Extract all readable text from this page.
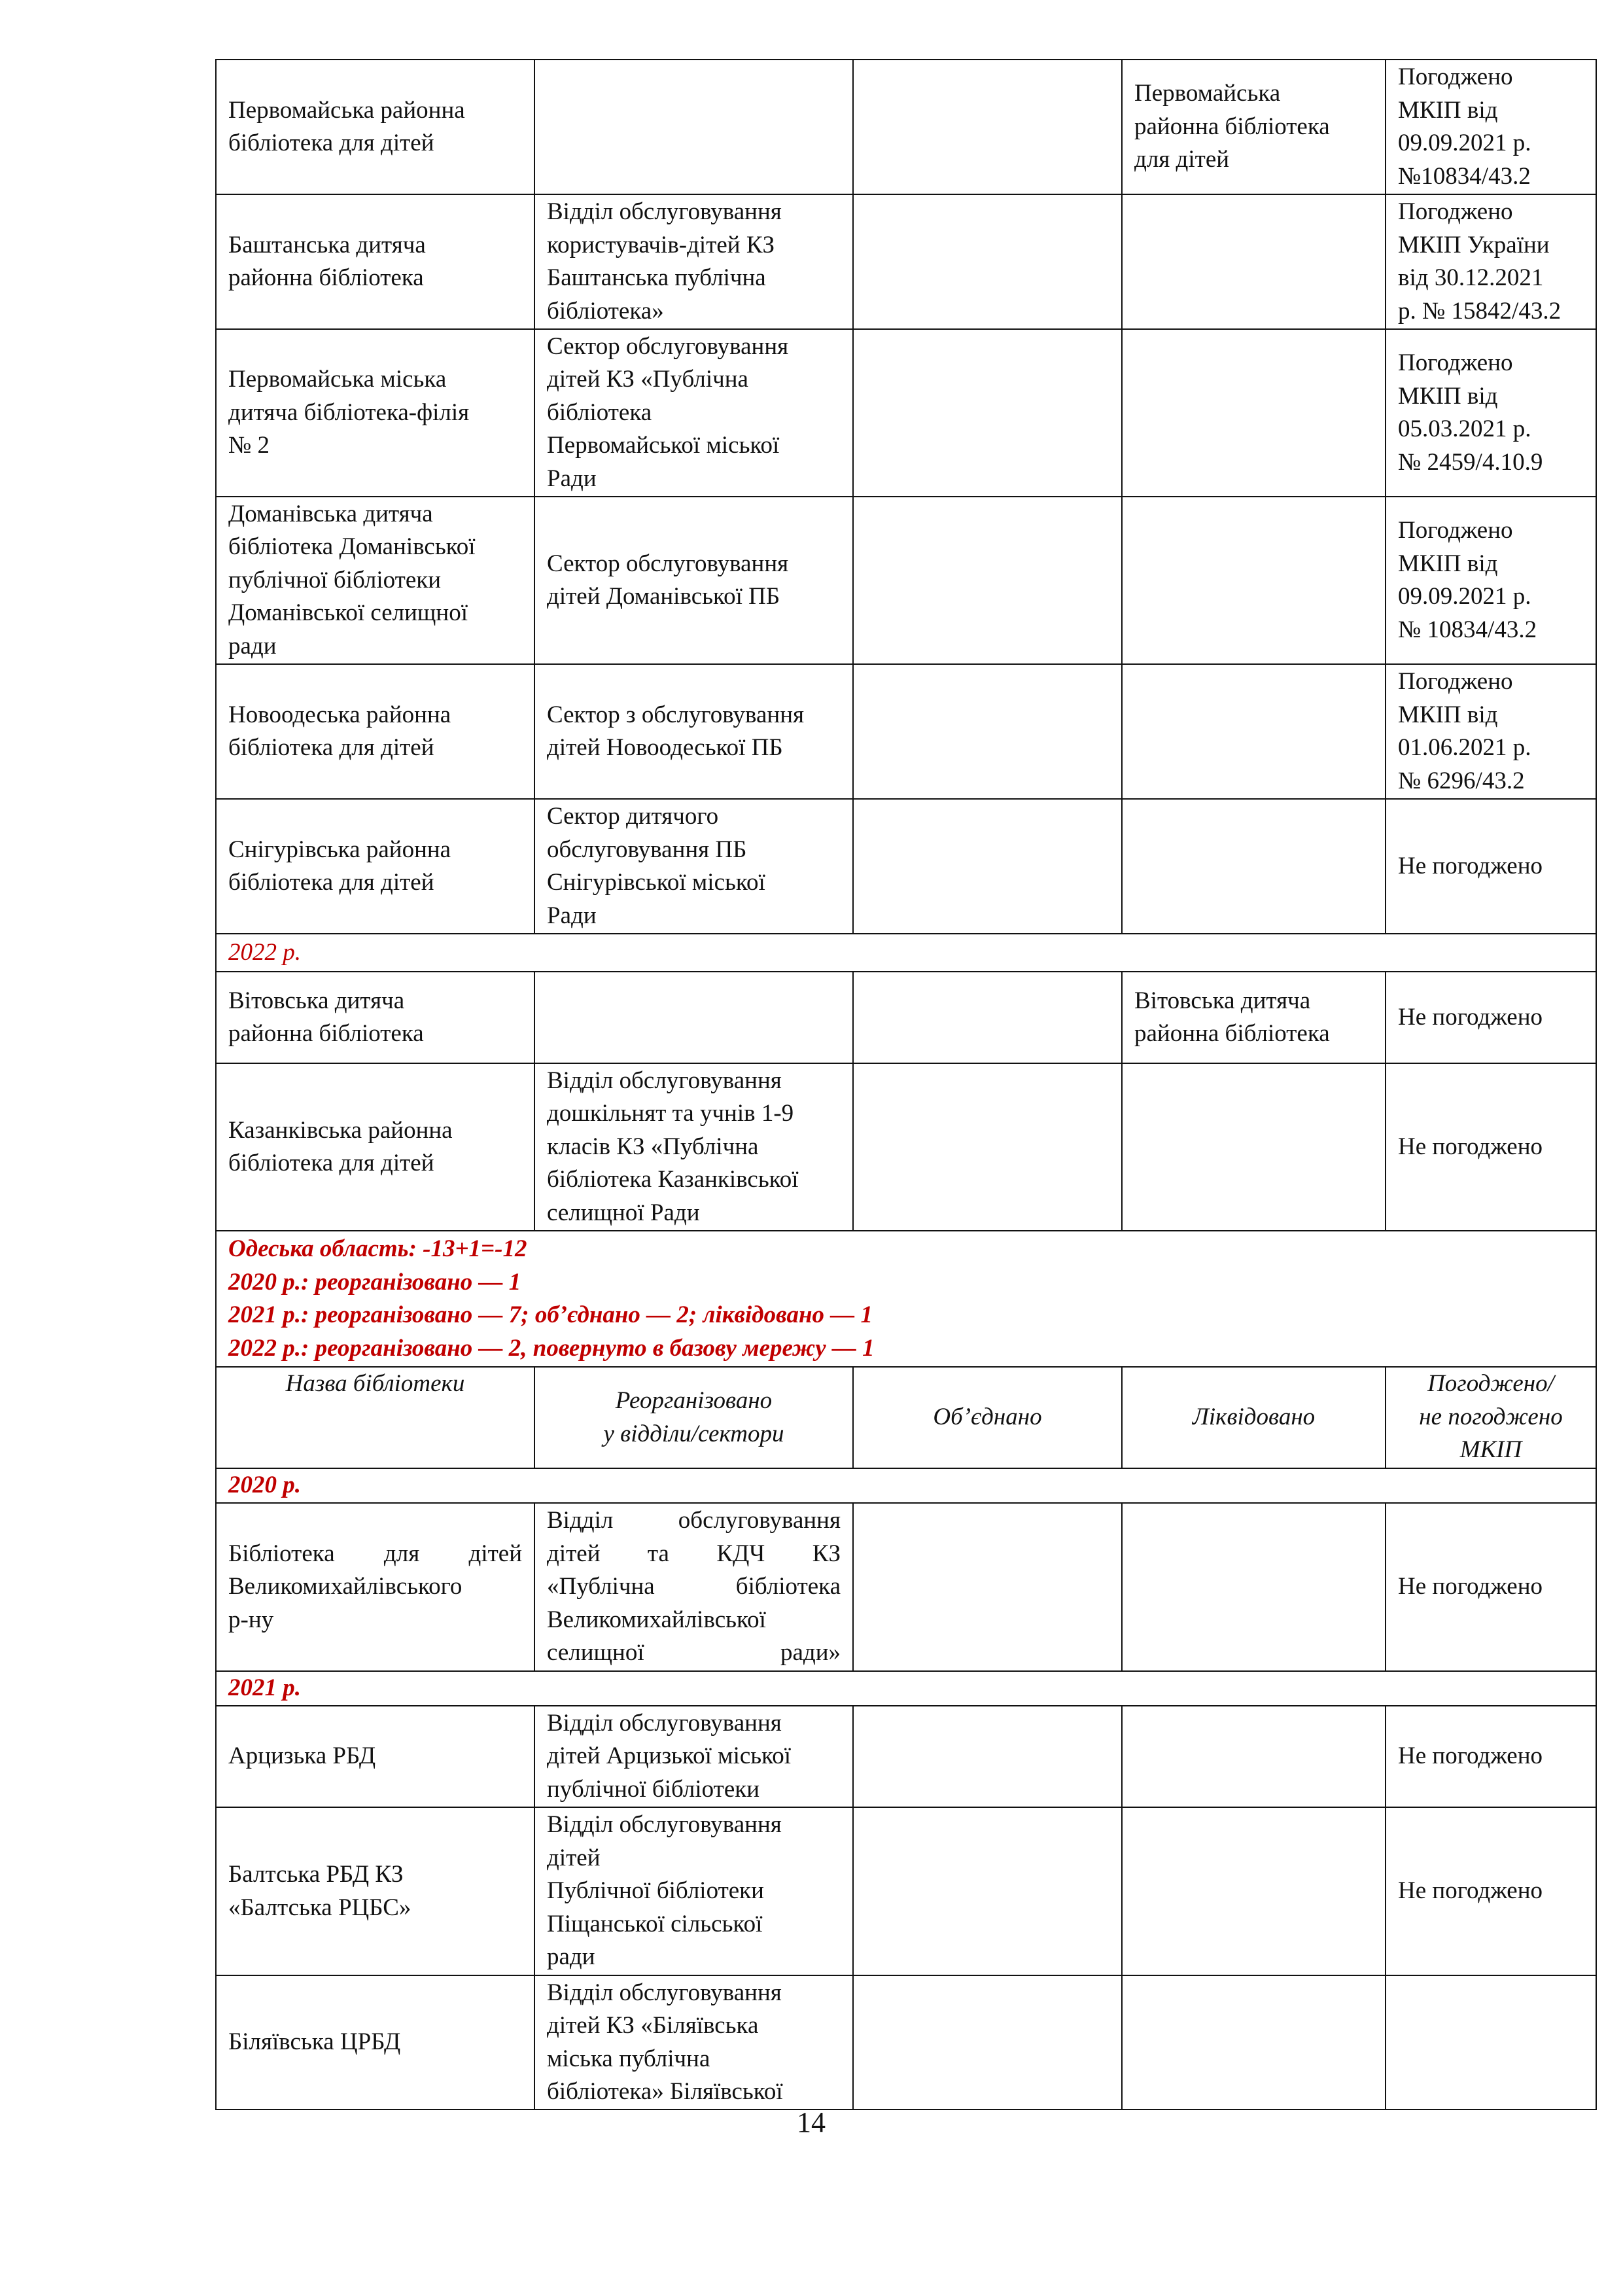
Первомайська районна
бібліотека для дітей			Первомайська
районна бібліотека
для дітей	Погоджено
МКІП від
09.09.2021 р.
№10834/43.2

Баштанська дитяча
районна бібліотека	Відділ обслуговування
користувачів-дітей КЗ
Баштанська публічна
бібліотека»			Погоджено
МКІП України
від 30.12.2021
р. № 15842/43.2

Первомайська міська
дитяча бібліотека-філія
№ 2	Сектор обслуговування
дітей КЗ «Публічна
бібліотека
Первомайської міської
Ради			Погоджено
МКІП від
05.03.2021 р.
№ 2459/4.10.9

Доманівська дитяча
бібліотека Доманівської
публічної бібліотеки
Доманівської селищної
ради	Сектор обслуговування
дітей Доманівської ПБ			Погоджено
МКІП від
09.09.2021 р.
№ 10834/43.2

Новоодеська районна
бібліотека для дітей	Сектор з обслуговування
дітей Новоодеської ПБ			Погоджено
МКІП від
01.06.2021 р.
№ 6296/43.2

Снігурівська районна
бібліотека для дітей	Сектор дитячого
обслуговування ПБ
Снігурівської міської
Ради			Не погоджено

2022 р.				

Вітовська дитяча
районна бібліотека			Вітовська дитяча
районна бібліотека	Не погоджено

Казанківська районна
бібліотека для дітей	Відділ обслуговування
дошкільнят та учнів 1-9
класів КЗ «Публічна
бібліотека Казанківської
селищної Ради			Не погоджено

Одеська область: -13+1=-12
2020 р.: реорганізовано — 1
2021 р.: реорганізовано — 7; об’єднано — 2; ліквідовано — 1
2022 р.: реорганізовано — 2, повернуто в базову мережу — 1				

Назва бібліотеки	Реорганізовано
у відділи/сектори	Об’єднано	Ліквідовано	Погоджено/
не погоджено
МКІП

2020 р.				

Бібліотека для дітей
Великомихайлівського
р-ну	Відділ обслуговування
дітей та КДЧ КЗ
«Публічна бібліотека
Великомихайлівської
селищної ради»			Не погоджено

2021 р.				

Арцизька РБД	Відділ обслуговування
дітей Арцизької міської
публічної бібліотеки			Не погоджено

Балтська РБД КЗ
«Балтська РЦБС»	Відділ обслуговування
дітей
Публічної бібліотеки
Піщанської сільської
ради			Не погоджено

Біляївська ЦРБД	Відділ обслуговування
дітей КЗ «Біляївська
міська публічна
бібліотека» Біляївської			

14
